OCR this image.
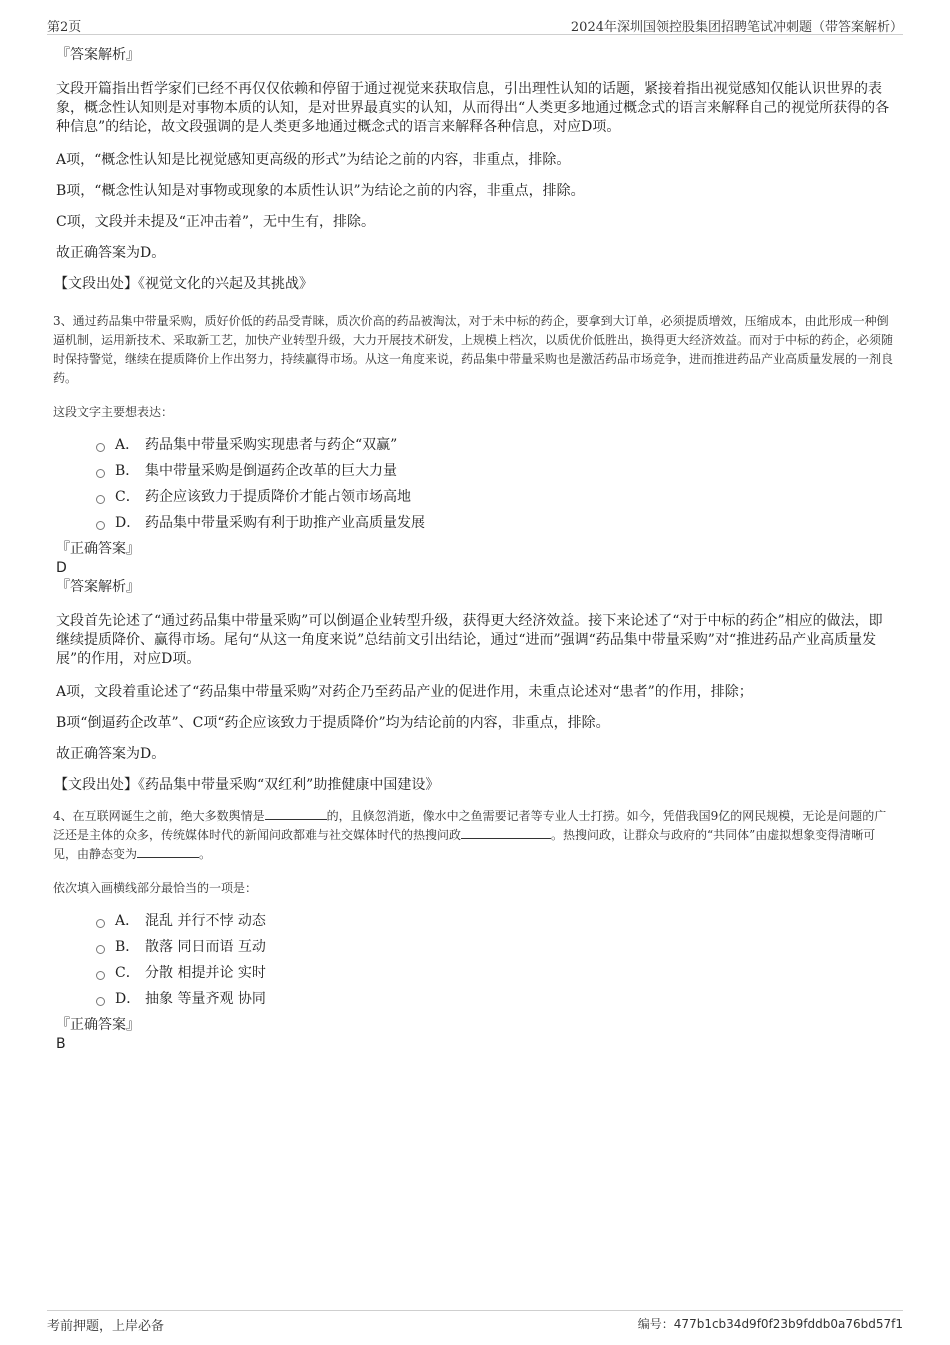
第2页	2024年深圳国领控股集团招聘笔试冲刺题（带答案解析）

『答案解析』

文段开篇指出哲学家们已经不再仅仅依赖和停留于通过视觉来获取信息，引出理性认知的话题，紧接着指出视觉感知仅能认识世界的表象，概念性认知则是对事物本质的认知，是对世界最真实的认知，从而得出“人类更多地通过概念式的语言来解释自己的视觉所获得的各种信息”的结论，故文段强调的是人类更多地通过概念式的语言来解释各种信息，对应D项。

A项，“概念性认知是比视觉感知更高级的形式”为结论之前的内容，非重点，排除。

B项，“概念性认知是对事物或现象的本质性认识”为结论之前的内容，非重点，排除。

C项，文段并未提及“正冲击着”，无中生有，排除。

故正确答案为D。

【文段出处】《视觉文化的兴起及其挑战》

3、通过药品集中带量采购，质好价低的药品受青睐，质次价高的药品被淘汰，对于未中标的药企，要拿到大订单，必须提质增效，压缩成本，由此形成一种倒逼机制，运用新技术、采取新工艺，加快产业转型升级，大力开展技术研发，上规模上档次，以质优价低胜出，换得更大经济效益。而对于中标的药企，必须随时保持警觉，继续在提质降价上作出努力，持续赢得市场。从这一角度来说，药品集中带量采购也是激活药品市场竞争，进而推进药品产业高质量发展的一剂良药。

这段文字主要想表达：

A． 药品集中带量采购实现患者与药企“双赢”
B． 集中带量采购是倒逼药企改革的巨大力量
C． 药企应该致力于提质降价才能占领市场高地
D． 药品集中带量采购有利于助推产业高质量发展

『正确答案』

D

『答案解析』

文段首先论述了“通过药品集中带量采购”可以倒逼企业转型升级，获得更大经济效益。接下来论述了“对于中标的药企”相应的做法，即继续提质降价、赢得市场。尾句“从这一角度来说”总结前文引出结论，通过“进而”强调“药品集中带量采购”对“推进药品产业高质量发展”的作用，对应D项。

A项，文段着重论述了“药品集中带量采购”对药企乃至药品产业的促进作用，未重点论述对“患者”的作用，排除；

B项“倒逼药企改革”、C项“药企应该致力于提质降价”均为结论前的内容，非重点，排除。

故正确答案为D。

【文段出处】《药品集中带量采购“双红利”助推健康中国建设》

4、在互联网诞生之前，绝大多数舆情是	的，且倏忽消逝，像水中之鱼需要记者等专业人士打捞。如今，凭借我国9亿的网民规模，无论是问题的广泛还是主体的众多，传统媒体时代的新闻问政都难与社交媒体时代的热搜问政	。热搜问政，让群众与政府的“共同体”由虚拟想象变得清晰可见，由静态变为	。

依次填入画横线部分最恰当的一项是：

A． 混乱 并行不悖 动态
B． 散落 同日而语 互动
C． 分散 相提并论 实时
D． 抽象 等量齐观 协同

『正确答案』

B

考前押题，上岸必备	编号：477b1cb34d9f0f23b9fddb0a76bd57f1
